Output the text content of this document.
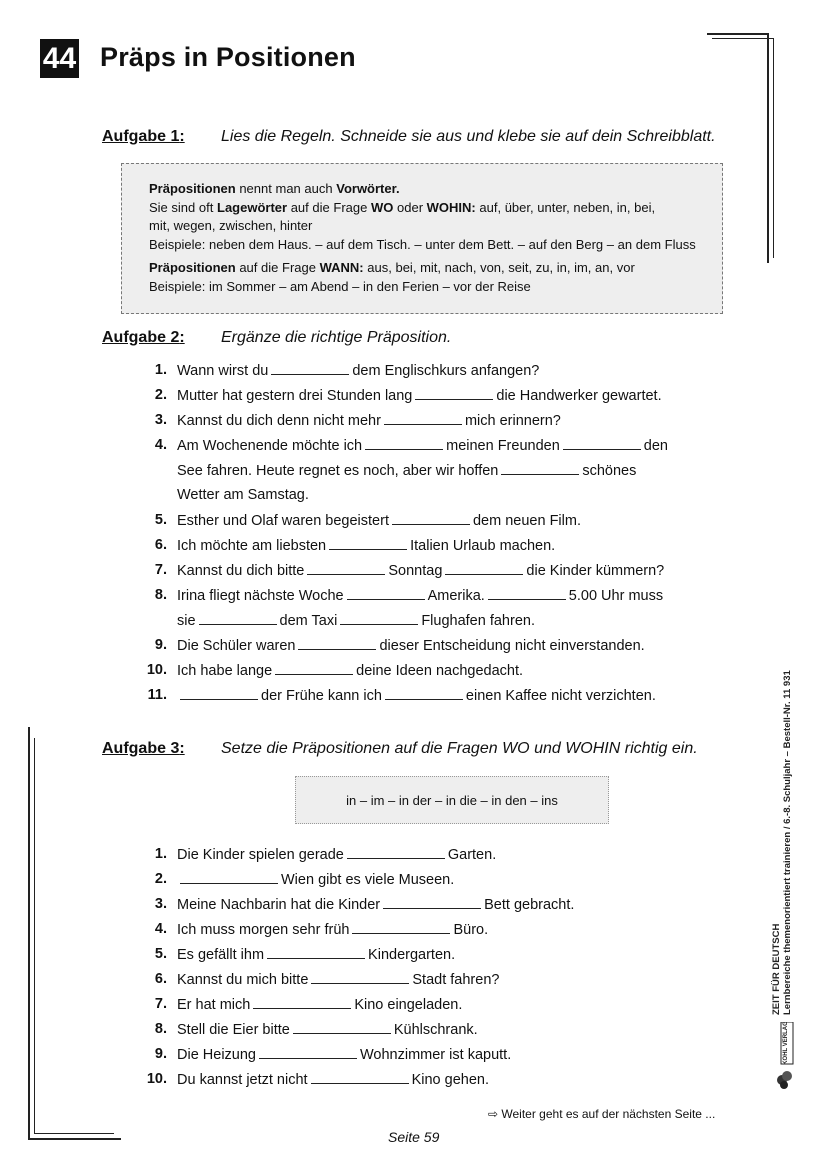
44 Präps in Positionen
Aufgabe 1: Lies die Regeln. Schneide sie aus und klebe sie auf dein Schreibblatt.

Präpositionen nennt man auch Vorwörter.
Sie sind oft Lagewörter auf die Frage WO oder WOHIN: auf, über, unter, neben, in, bei,
mit, wegen, zwischen, hinter
Beispiele: neben dem Haus. – auf dem Tisch. – unter dem Bett. – auf den Berg – an dem Fluss

Präpositionen auf die Frage WANN: aus, bei, mit, nach, von, seit, zu, in, im, an, vor
Beispiele: im Sommer – am Abend – in den Ferien – vor der Reise

Aufgabe 2: Ergänze die richtige Präposition.
1. Wann wirst du	dem Englischkurs anfangen?
2. Mutter hat gestern drei Stunden lang	die Handwerker gewartet.
3. Kannst du dich denn nicht mehr	mich erinnern?
4. Am Wochenende möchte ich	meinen Freunden	den
See fahren. Heute regnet es noch, aber wir hoffen	schönes
Wetter am Samstag.
5. Esther und Olaf waren begeistert	dem neuen Film.
6. Ich möchte am liebsten	Italien Urlaub machen.
7. Kannst du dich bitte	Sonntag	die Kinder kümmern?
8. Irina fliegt nächste Woche	Amerika.	5.00 Uhr muss
sie	dem Taxi	Flughafen fahren.
9. Die Schüler waren	dieser Entscheidung nicht einverstanden.
10. Ich habe lange	deine Ideen nachgedacht.
11.	der Frühe kann ich	einen Kaffee nicht verzichten.
Aufgabe 3: Setze die Präpositionen auf die Fragen WO und WOHIN richtig ein.
in – im – in der – in die – in den – ins
1. Die Kinder spielen gerade	Garten.
2.	Wien gibt es viele Museen.
3. Meine Nachbarin hat die Kinder	Bett gebracht.
4. Ich muss morgen sehr früh	Büro.
5. Es gefällt ihm	Kindergarten.
6. Kannst du mich bitte	Stadt fahren?
7. Er hat mich	Kino eingeladen.
8. Stell die Eier bitte	Kühlschrank.
9. Die Heizung	Wohnzimmer ist kaputt.
10. Du kannst jetzt nicht	Kino gehen.
ZEIT FÜR DEUTSCH Lernbereiche themenorientiert trainieren / 6.-8. Schuljahr – Bestell-Nr. 11 931
KOHL VERLAG
⇨ Weiter geht es auf der nächsten Seite ...
Seite 59
